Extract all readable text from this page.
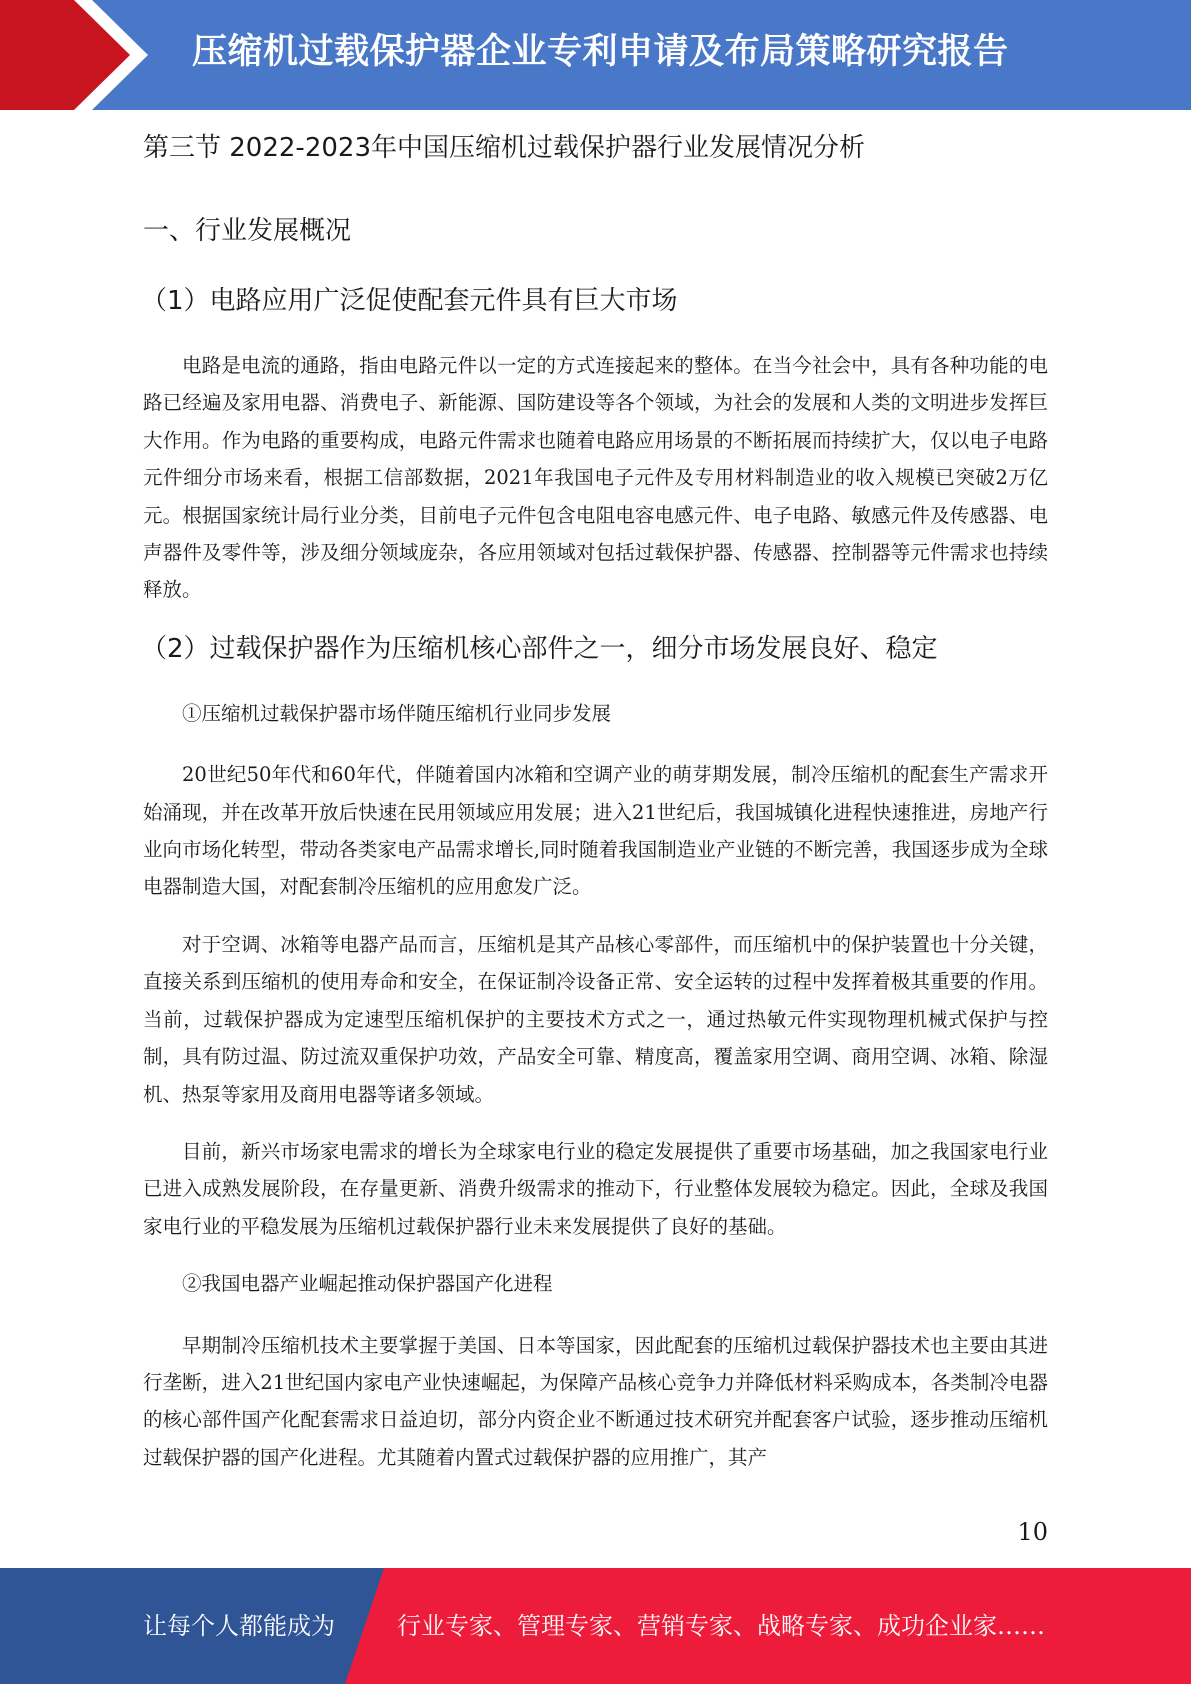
压缩机过载保护器企业专利申请及布局策略研究报告
第三节 2022-2023年中国压缩机过载保护器行业发展情况分析
一、行业发展概况
（1）电路应用广泛促使配套元件具有巨大市场

电路是电流的通路，指由电路元件以一定的方式连接起来的整体。在当今社会中，具有各种功能的电路已经遍及家用电器、消费电子、新能源、国防建设等各个领域，为社会的发展和人类的文明进步发挥巨大作用。作为电路的重要构成，电路元件需求也随着电路应用场景的不断拓展而持续扩大，仅以电子电路元件细分市场来看，根据工信部数据，2021年我国电子元件及专用材料制造业的收入规模已突破2万亿元。根据国家统计局行业分类，目前电子元件包含电阻电容电感元件、电子电路、敏感元件及传感器、电声器件及零件等，涉及细分领域庞杂，各应用领域对包括过载保护器、传感器、控制器等元件需求也持续释放。

（2）过载保护器作为压缩机核心部件之一，细分市场发展良好、稳定

①压缩机过载保护器市场伴随压缩机行业同步发展

20世纪50年代和60年代，伴随着国内冰箱和空调产业的萌芽期发展，制冷压缩机的配套生产需求开始涌现，并在改革开放后快速在民用领域应用发展；进入21世纪后，我国城镇化进程快速推进，房地产行业向市场化转型，带动各类家电产品需求增长,同时随着我国制造业产业链的不断完善，我国逐步成为全球电器制造大国，对配套制冷压缩机的应用愈发广泛。

对于空调、冰箱等电器产品而言，压缩机是其产品核心零部件，而压缩机中的保护装置也十分关键，直接关系到压缩机的使用寿命和安全，在保证制冷设备正常、安全运转的过程中发挥着极其重要的作用。当前，过载保护器成为定速型压缩机保护的主要技术方式之一，通过热敏元件实现物理机械式保护与控制，具有防过温、防过流双重保护功效，产品安全可靠、精度高，覆盖家用空调、商用空调、冰箱、除湿机、热泵等家用及商用电器等诸多领域。

目前，新兴市场家电需求的增长为全球家电行业的稳定发展提供了重要市场基础，加之我国家电行业已进入成熟发展阶段，在存量更新、消费升级需求的推动下，行业整体发展较为稳定。因此，全球及我国家电行业的平稳发展为压缩机过载保护器行业未来发展提供了良好的基础。

②我国电器产业崛起推动保护器国产化进程

早期制冷压缩机技术主要掌握于美国、日本等国家，因此配套的压缩机过载保护器技术也主要由其进行垄断，进入21世纪国内家电产业快速崛起，为保障产品核心竞争力并降低材料采购成本，各类制冷电器的核心部件国产化配套需求日益迫切，部分内资企业不断通过技术研究并配套客户试验，逐步推动压缩机过载保护器的国产化进程。尤其随着内置式过载保护器的应用推广，其产

10
让每个人都能成为	行业专家、管理专家、营销专家、战略专家、成功企业家……
